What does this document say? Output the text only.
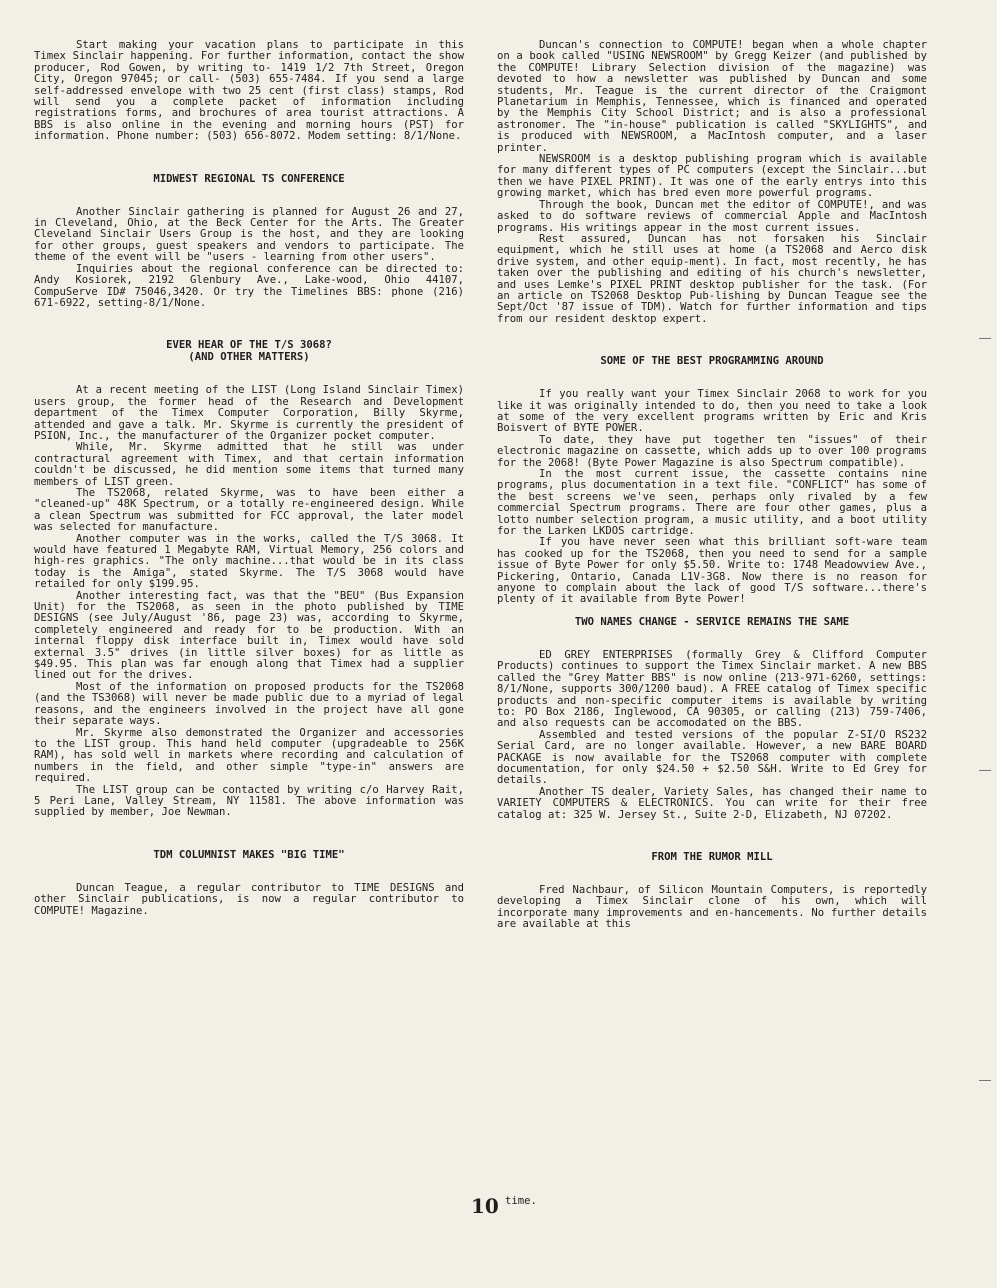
Start making your vacation plans to participate in this Timex Sinclair happening. For further information, contact the show producer, Rod Gowen, by writing to- 1419 1/2 7th Street, Oregon City, Oregon 97045; or call- (503) 655-7484. If you send a large self-addressed envelope with two 25 cent (first class) stamps, Rod will send you a complete packet of information including registrations forms, and brochures of area tourist attractions. A BBS is also online in the evening and morning hours (PST) for information. Phone number: (503) 656-8072. Modem setting: 8/1/None.

MIDWEST REGIONAL TS CONFERENCE

Another Sinclair gathering is planned for August 26 and 27, in Cleveland, Ohio, at the Beck Center for the Arts. The Greater Cleveland Sinclair Users Group is the host, and they are looking for other groups, guest speakers and vendors to participate. The theme of the event will be "users - learning from other users".

Inquiries about the regional conference can be directed to: Andy Kosiorek, 2192 Glenbury Ave., Lake-wood, Ohio 44107, CompuServe ID# 75046,3420. Or try the Timelines BBS: phone (216) 671-6922, setting-8/1/None.

EVER HEAR OF THE T/S 3068?
(AND OTHER MATTERS)

At a recent meeting of the LIST (Long Island Sinclair Timex) users group, the former head of the Research and Development department of the Timex Computer Corporation, Billy Skyrme, attended and gave a talk. Mr. Skyrme is currently the president of PSION, Inc., the manufacturer of the Organizer pocket computer.

While, Mr. Skyrme admitted that he still was under contractural agreement with Timex, and that certain information couldn't be discussed, he did mention some items that turned many members of LIST green.

The TS2068, related Skyrme, was to have been either a "cleaned-up" 48K Spectrum, or a totally re-engineered design. While a clean Spectrum was submitted for FCC approval, the later model was selected for manufacture.

Another computer was in the works, called the T/S 3068. It would have featured 1 Megabyte RAM, Virtual Memory, 256 colors and high-res graphics. "The only machine...that would be in its class today is the Amiga", stated Skyrme. The T/S 3068 would have retailed for only $199.95.

Another interesting fact, was that the "BEU" (Bus Expansion Unit) for the TS2068, as seen in the photo published by TIME DESIGNS (see July/August '86, page 23) was, according to Skyrme, completely engineered and ready for to be production. With an internal floppy disk interface built in, Timex would have sold external 3.5" drives (in little silver boxes) for as little as $49.95. This plan was far enough along that Timex had a supplier lined out for the drives.

Most of the information on proposed products for the TS2068 (and the TS3068) will never be made public due to a myriad of legal reasons, and the engineers involved in the project have all gone their separate ways.

Mr. Skyrme also demonstrated the Organizer and accessories to the LIST group. This hand held computer (upgradeable to 256K RAM), has sold well in markets where recording and calculation of numbers in the field, and other simple "type-in" answers are required.

The LIST group can be contacted by writing c/o Harvey Rait, 5 Peri Lane, Valley Stream, NY 11581. The above information was supplied by member, Joe Newman.

TDM COLUMNIST MAKES "BIG TIME"

Duncan Teague, a regular contributor to TIME DESIGNS and other Sinclair publications, is now a regular contributor to COMPUTE! Magazine.

Duncan's connection to COMPUTE! began when a whole chapter on a book called "USING NEWSROOM" by Gregg Keizer (and published by the COMPUTE! Library Selection division of the magazine) was devoted to how a newsletter was published by Duncan and some students, Mr. Teague is the current director of the Craigmont Planetarium in Memphis, Tennessee, which is financed and operated by the Memphis City School District; and is also a professional astronomer. The "in-house" publication is called "SKYLIGHTS", and is produced with NEWSROOM, a MacIntosh computer, and a laser printer.

NEWSROOM is a desktop publishing program which is available for many different types of PC computers (except the Sinclair...but then we have PIXEL PRINT). It was one of the early entrys into this growing market, which has bred even more powerful programs.

Through the book, Duncan met the editor of COMPUTE!, and was asked to do software reviews of commercial Apple and MacIntosh programs. His writings appear in the most current issues.

Rest assured, Duncan has not forsaken his Sinclair equipment, which he still uses at home (a TS2068 and Aerco disk drive system, and other equip-ment). In fact, most recently, he has taken over the publishing and editing of his church's newsletter, and uses Lemke's PIXEL PRINT desktop publisher for the task. (For an article on TS2068 Desktop Pub-lishing by Duncan Teague see the Sept/Oct '87 issue of TDM). Watch for further information and tips from our resident desktop expert.

SOME OF THE BEST PROGRAMMING AROUND

If you really want your Timex Sinclair 2068 to work for you like it was originally intended to do, then you need to take a look at some of the very excellent programs written by Eric and Kris Boisvert of BYTE POWER.

To date, they have put together ten "issues" of their electronic magazine on cassette, which adds up to over 100 programs for the 2068! (Byte Power Magazine is also Spectrum compatible).

In the most current issue, the cassette contains nine programs, plus documentation in a text file. "CONFLICT" has some of the best screens we've seen, perhaps only rivaled by a few commercial Spectrum programs. There are four other games, plus a lotto number selection program, a music utility, and a boot utility for the Larken LKDOS cartridge.

If you have never seen what this brilliant soft-ware team has cooked up for the TS2068, then you need to send for a sample issue of Byte Power for only $5.50. Write to: 1748 Meadowview Ave., Pickering, Ontario, Canada L1V-3G8. Now there is no reason for anyone to complain about the lack of good T/S software...there's plenty of it available from Byte Power!

TWO NAMES CHANGE - SERVICE REMAINS THE SAME

ED GREY ENTERPRISES (formally Grey & Clifford Computer Products) continues to support the Timex Sinclair market. A new BBS called the "Grey Matter BBS" is now online (213-971-6260, settings: 8/1/None, supports 300/1200 baud). A FREE catalog of Timex specific products and non-specific computer items is available by writing to: PO Box 2186, Inglewood, CA 90305, or calling (213) 759-7406, and also requests can be accomodated on the BBS.

Assembled and tested versions of the popular Z-SI/O RS232 Serial Card, are no longer available. However, a new BARE BOARD PACKAGE is now available for the TS2068 computer with complete documentation, for only $24.50 + $2.50 S&H. Write to Ed Grey for details.

Another TS dealer, Variety Sales, has changed their name to VARIETY COMPUTERS & ELECTRONICS. You can write for their free catalog at: 325 W. Jersey St., Suite 2-D, Elizabeth, NJ 07202.

FROM THE RUMOR MILL

Fred Nachbaur, of Silicon Mountain Computers, is reportedly developing a Timex Sinclair clone of his own, which will incorporate many improvements and en-hancements. No further details are available at this

10 time.
